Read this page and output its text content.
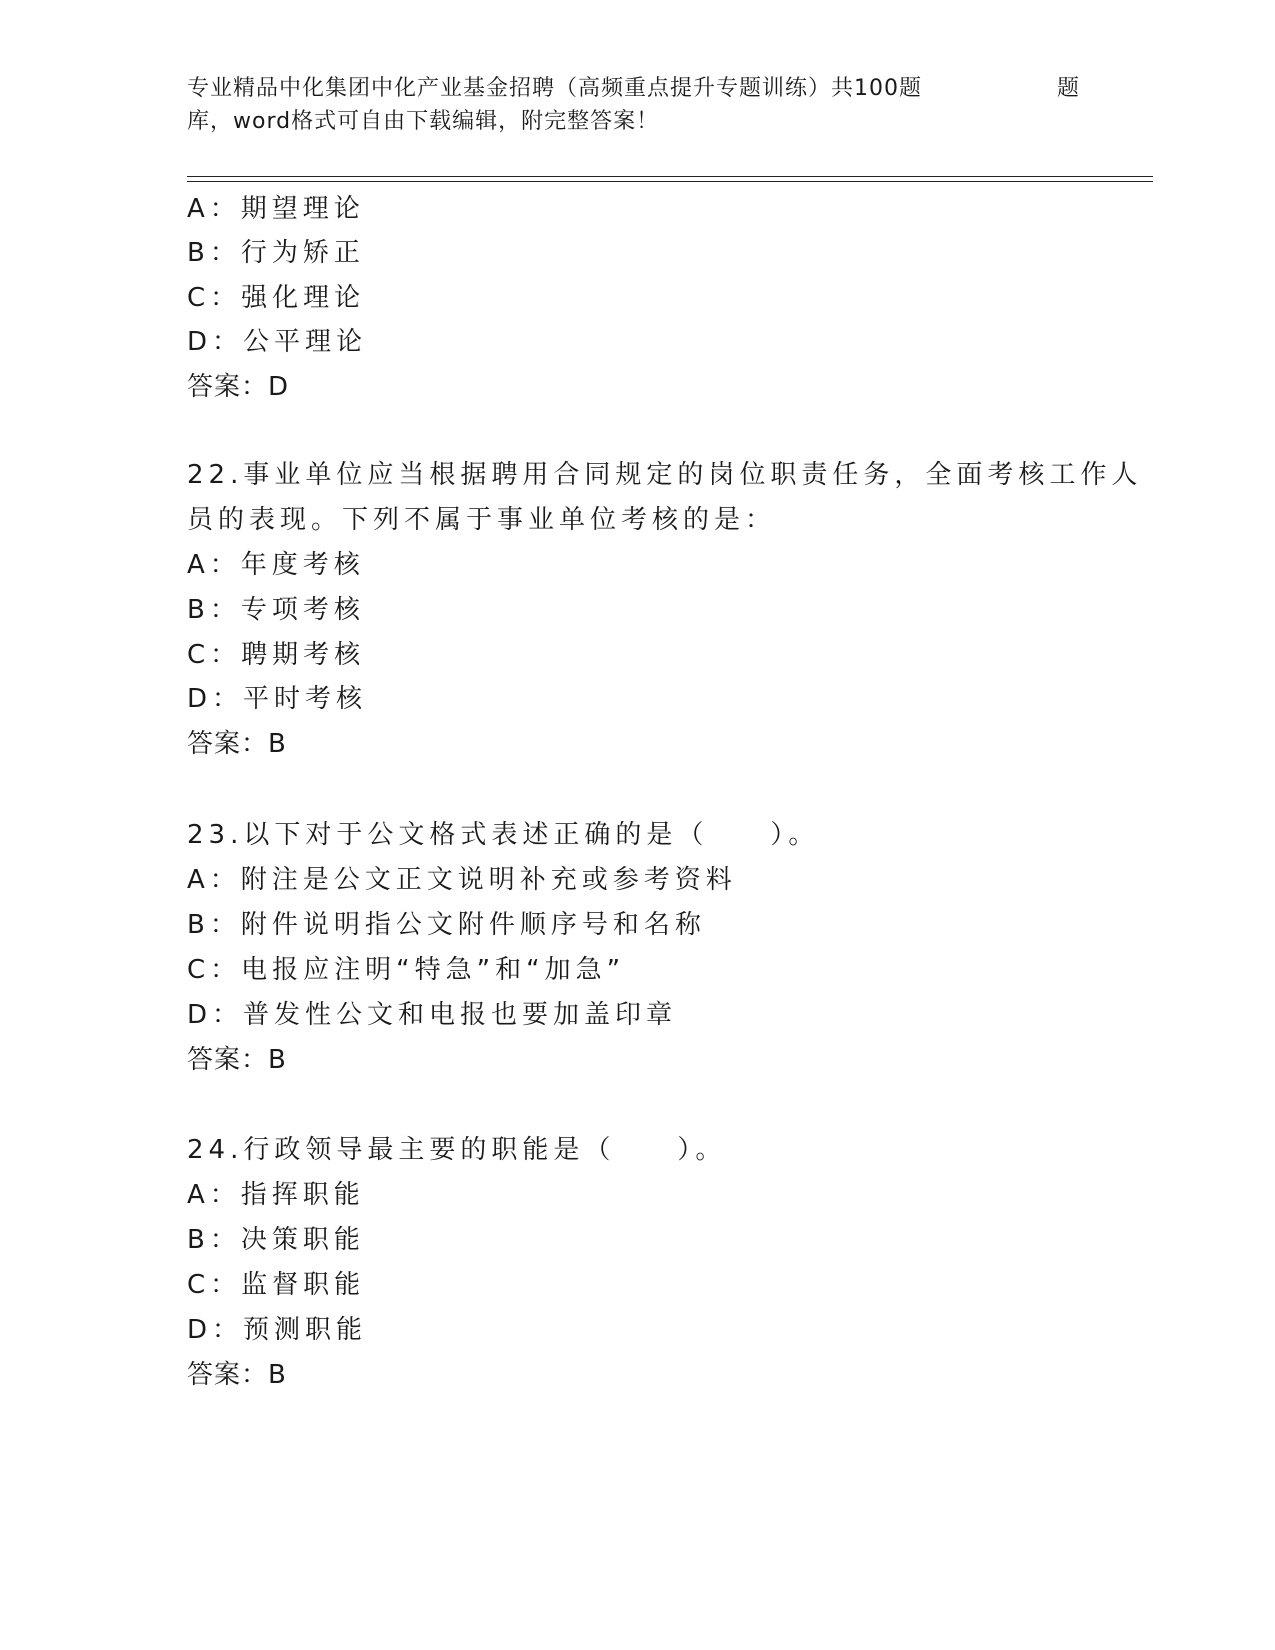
专业精品中化集团中化产业基金招聘（高频重点提升专题训练）共100题	题
库，word格式可自由下载编辑，附完整答案！
A：期望理论
B：行为矫正
C：强化理论
D：公平理论
答案：D
22.事业单位应当根据聘用合同规定的岗位职责任务，全面考核工作人
员的表现。下列不属于事业单位考核的是：
A：年度考核
B：专项考核
C：聘期考核
D：平时考核
答案：B
23.以下对于公文格式表述正确的是（　　）。
A：附注是公文正文说明补充或参考资料
B：附件说明指公文附件顺序号和名称
C：电报应注明“特急”和“加急”
D：普发性公文和电报也要加盖印章
答案：B
24.行政领导最主要的职能是（　　）。
A：指挥职能
B：决策职能
C：监督职能
D：预测职能
答案：B
